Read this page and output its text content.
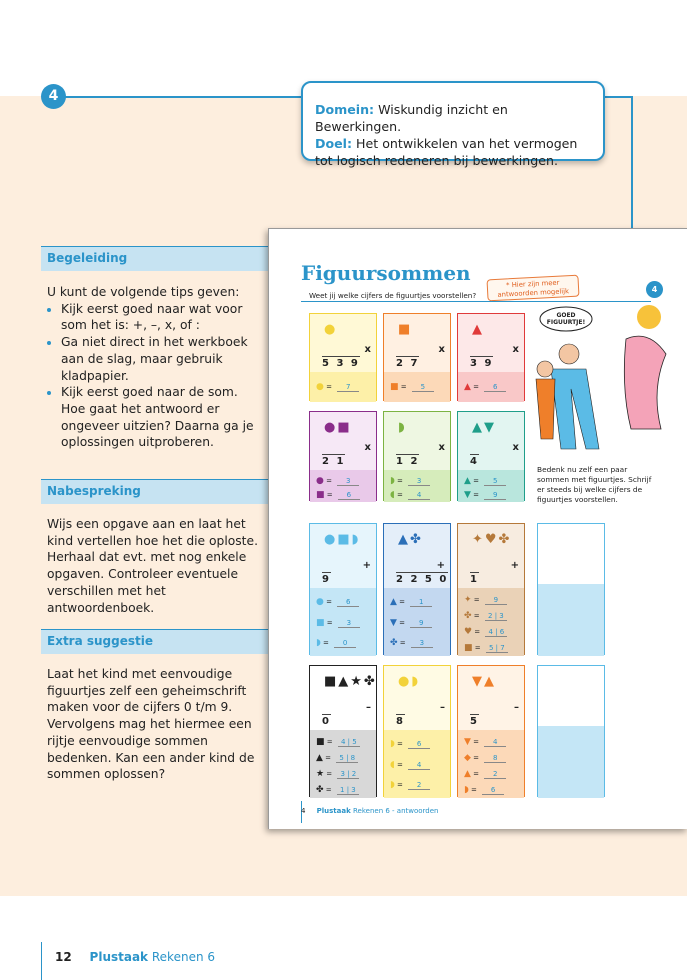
4
Domein: Wiskundig inzicht en Bewerkingen.
Doel: Het ontwikkelen van het vermogen tot logisch redeneren bij bewerkingen.
Begeleiding
U kunt de volgende tips geven:
• Kijk eerst goed naar wat voor som het is: +, –, x, of :
• Ga niet direct in het werkboek aan de slag, maar gebruik kladpapier.
• Kijk eerst goed naar de som. Hoe gaat het antwoord er ongeveer uitzien? Daarna ga je oplossingen uitproberen.
Nabespreking
Wijs een opgave aan en laat het kind vertellen hoe het die oploste. Herhaal dat evt. met nog enkele opgaven. Controleer eventuele verschillen met het antwoordenboek.
Extra suggestie
Laat het kind met eenvoudige figuurtjes zelf een geheimschrift maken voor de cijfers 0 t/m 9. Vervolgens mag het hiermee een rijtje eenvoudige sommen bedenken. Kan een ander kind de sommen oplossen?
12 Plustaak Rekenen 6
Figuursommen	* Hier zijn meer antwoorden mogelijk	4
Weet jij welke cijfers de figuurtjes voorstellen?
●
x
5 3 9
● = 7
■
x
2 7
■ = 5
▲
x
3 9
▲ = 6
●■
x
2 1
● = 3
■ = 6
◗
x
1 2
◗ = 3
◖ = 4
▲▼
x
4
▲ = 5
▼ = 9
●■◗
+
9
● = 6
■ = 3
◗ = 0
▲✤
+
2 2 5 0
▲ = 1
▼ = 9
✤ = 3
✦♥✤
+
1
✦ = 9
✤ = 2 | 3
♥ = 4 | 6
■ = 5 | 7
■▲★✤
–
0
■ = 4 | 5
▲ = 5 | 8
★ = 3 | 2
✤ = 1 | 3
●◗
–
8
◗ = 6
◖ = 4
◗ = 2
▼▲
–
5
▼ = 4
◆ = 8
▲ = 2
◗ = 6
GOED
FIGUURTJE!
Bedenk nu zelf een paar sommen met figuurtjes. Schrijf er steeds bij welke cijfers de figuurtjes voorstellen.
4 Plustaak Rekenen 6 - antwoorden
